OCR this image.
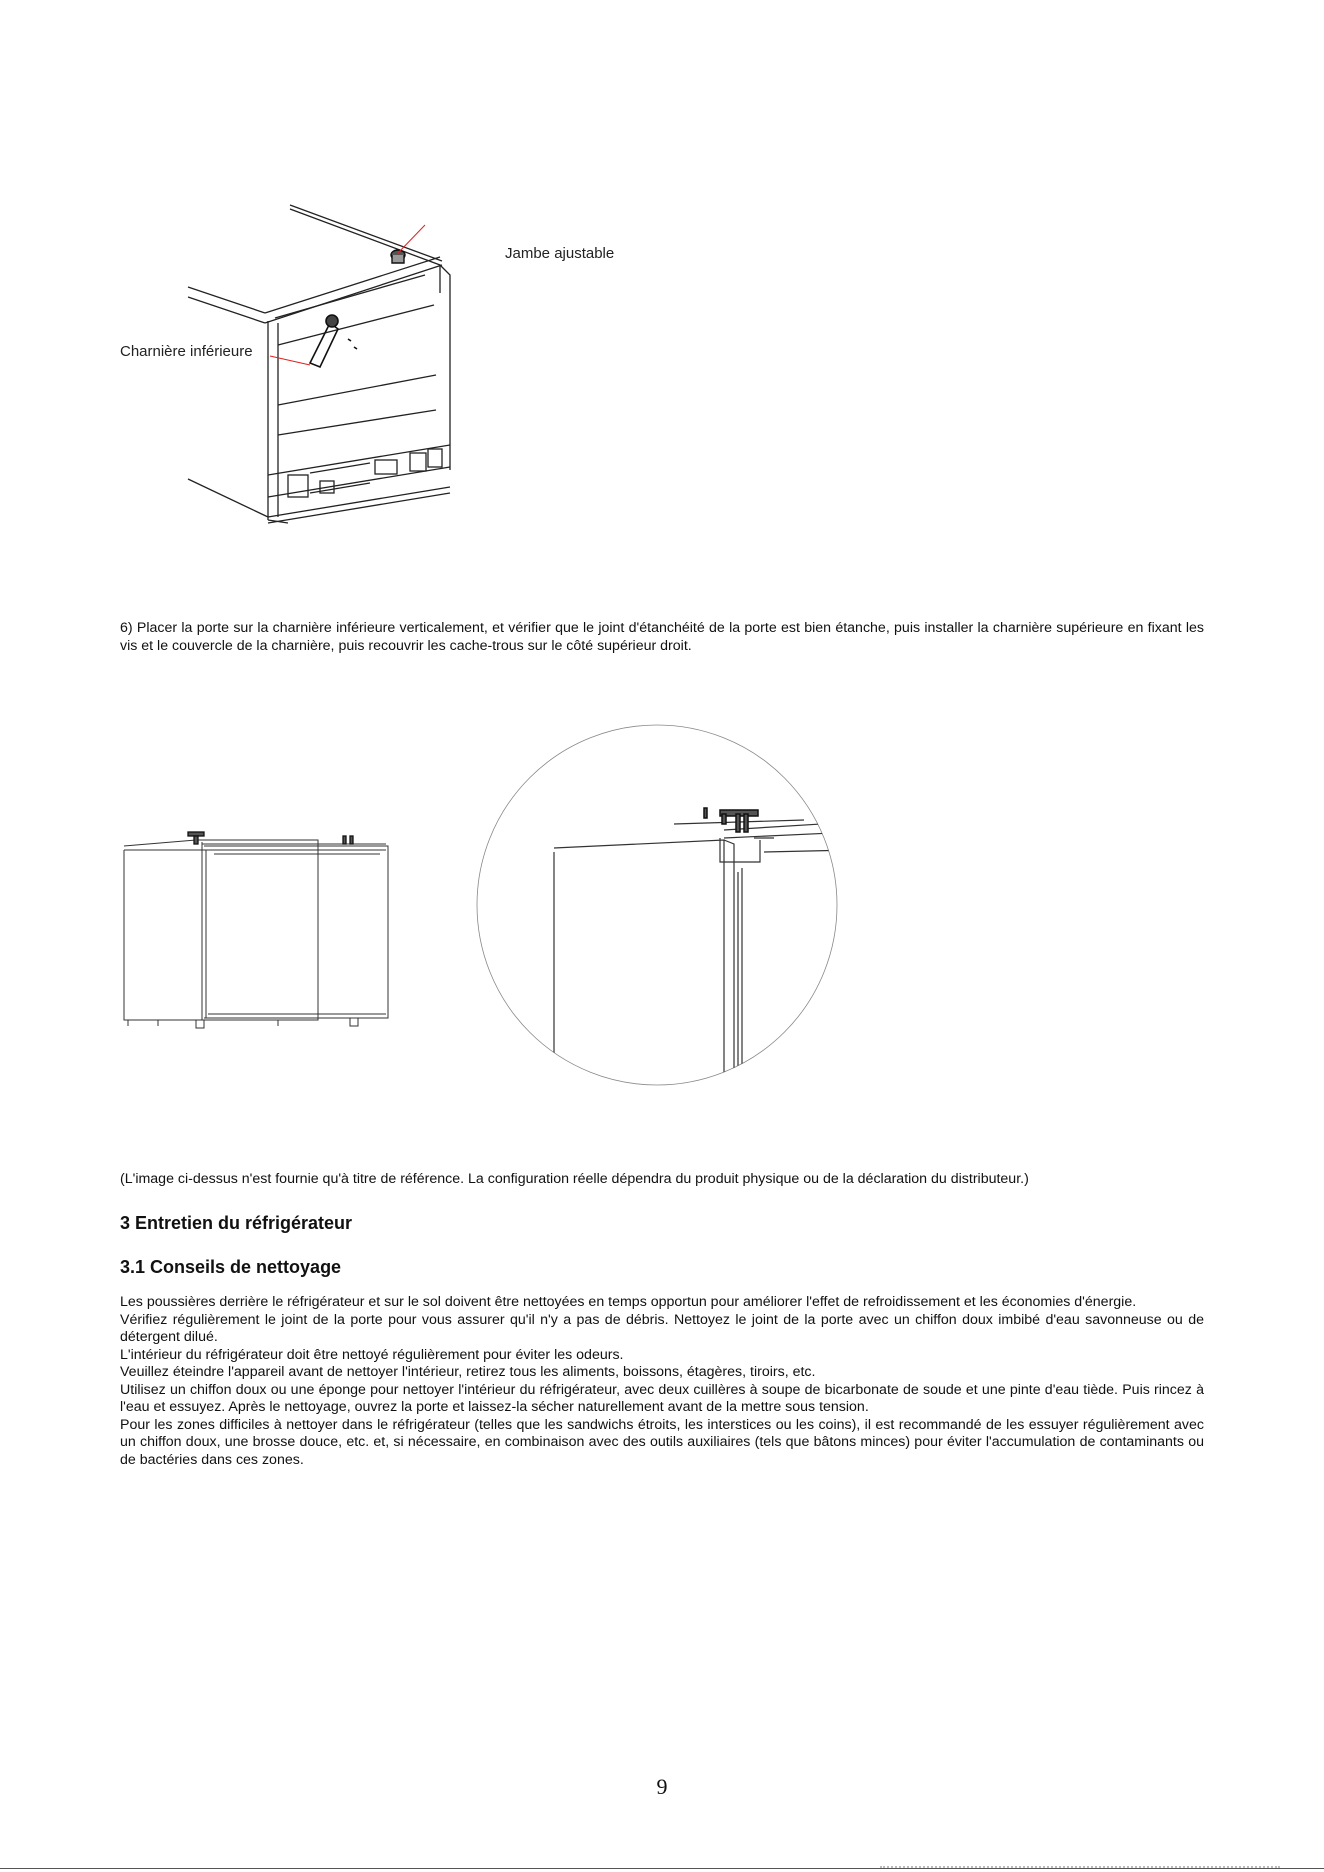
Jambe ajustable
Charnière inférieure
6) Placer la porte sur la charnière inférieure verticalement, et vérifier que le joint d'étanchéité de la porte est bien étanche, puis installer la charnière supérieure en fixant les vis et le couvercle de la charnière, puis recouvrir les cache-trous sur le côté supérieur droit.
(L'image ci-dessus n'est fournie qu'à titre de référence. La configuration réelle dépendra du produit physique ou de la déclaration du distributeur.)
3 Entretien du réfrigérateur
3.1 Conseils de nettoyage

Les poussières derrière le réfrigérateur et sur le sol doivent être nettoyées en temps opportun pour améliorer l'effet de refroidissement et les économies d'énergie.

Vérifiez régulièrement le joint de la porte pour vous assurer qu'il n'y a pas de débris. Nettoyez le joint de la porte avec un chiffon doux imbibé d'eau savonneuse ou de détergent dilué.

L'intérieur du réfrigérateur doit être nettoyé régulièrement pour éviter les odeurs.

Veuillez éteindre l'appareil avant de nettoyer l'intérieur, retirez tous les aliments, boissons, étagères, tiroirs, etc.

Utilisez un chiffon doux ou une éponge pour nettoyer l'intérieur du réfrigérateur, avec deux cuillères à soupe de bicarbonate de soude et une pinte d'eau tiède. Puis rincez à l'eau et essuyez. Après le nettoyage, ouvrez la porte et laissez-la sécher naturellement avant de la mettre sous tension.

Pour les zones difficiles à nettoyer dans le réfrigérateur (telles que les sandwichs étroits, les interstices ou les coins), il est recommandé de les essuyer régulièrement avec un chiffon doux, une brosse douce, etc. et, si nécessaire, en combinaison avec des outils auxiliaires (tels que bâtons minces) pour éviter l'accumulation de contaminants ou de bactéries dans ces zones.

9
